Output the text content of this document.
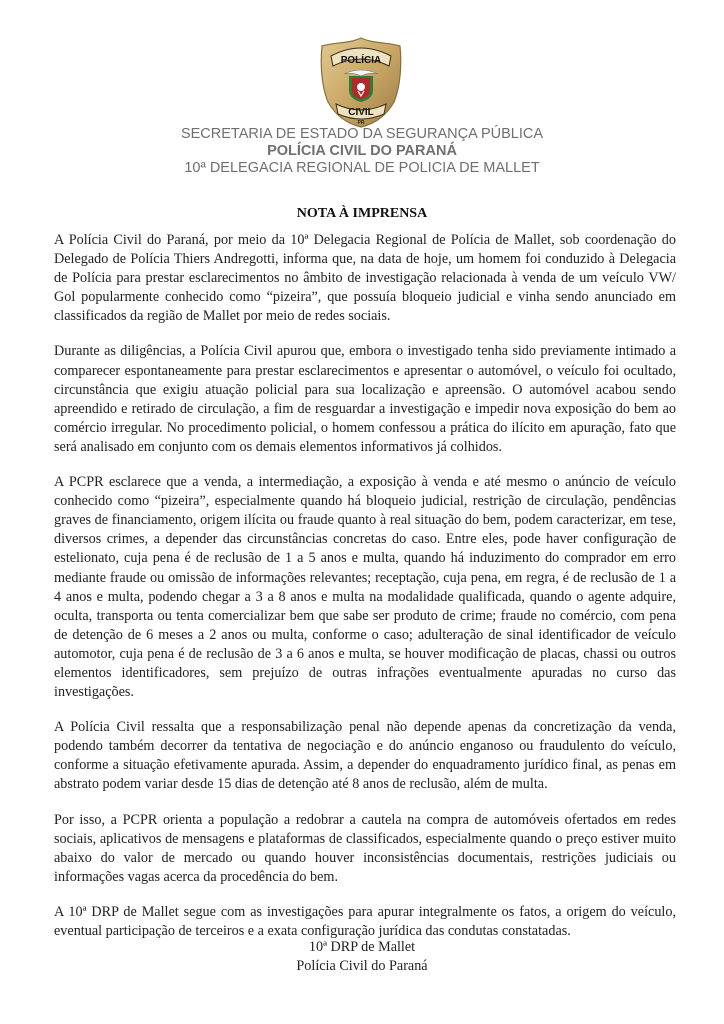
POLÍCIA
CIVIL
PR
SECRETARIA DE ESTADO DA SEGURANÇA PÚBLICA
POLÍCIA CIVIL DO PARANÁ
10ª DELEGACIA REGIONAL DE POLICIA DE MALLET
NOTA À IMPRENSA

A Polícia Civil do Paraná, por meio da 10ª Delegacia Regional de Polícia de Mallet, sob coordenação do Delegado de Polícia Thiers Andregotti, informa que, na data de hoje, um homem foi conduzido à Delegacia de Polícia para prestar esclarecimentos no âmbito de investigação relacionada à venda de um veículo VW/ Gol popularmente conhecido como “pizeira”, que possuía bloqueio judicial e vinha sendo anunciado em classificados da região de Mallet por meio de redes sociais.

Durante as diligências, a Polícia Civil apurou que, embora o investigado tenha sido previamente intimado a comparecer espontaneamente para prestar esclarecimentos e apresentar o automóvel, o veículo foi ocultado, circunstância que exigiu atuação policial para sua localização e apreensão. O automóvel acabou sendo apreendido e retirado de circulação, a fim de resguardar a investigação e impedir nova exposição do bem ao comércio irregular. No procedimento policial, o homem confessou a prática do ilícito em apuração, fato que será analisado em conjunto com os demais elementos informativos já colhidos.

A PCPR esclarece que a venda, a intermediação, a exposição à venda e até mesmo o anúncio de veículo conhecido como “pizeira”, especialmente quando há bloqueio judicial, restrição de circulação, pendências graves de financiamento, origem ilícita ou fraude quanto à real situação do bem, podem caracterizar, em tese, diversos crimes, a depender das circunstâncias concretas do caso. Entre eles, pode haver configuração de estelionato, cuja pena é de reclusão de 1 a 5 anos e multa, quando há induzimento do comprador em erro mediante fraude ou omissão de informações relevantes; receptação, cuja pena, em regra, é de reclusão de 1 a 4 anos e multa, podendo chegar a 3 a 8 anos e multa na modalidade qualificada, quando o agente adquire, oculta, transporta ou tenta comercializar bem que sabe ser produto de crime; fraude no comércio, com pena de detenção de 6 meses a 2 anos ou multa, conforme o caso; adulteração de sinal identificador de veículo automotor, cuja pena é de reclusão de 3 a 6 anos e multa, se houver modificação de placas, chassi ou outros elementos identificadores, sem prejuízo de outras infrações eventualmente apuradas no curso das investigações.

A Polícia Civil ressalta que a responsabilização penal não depende apenas da concretização da venda, podendo também decorrer da tentativa de negociação e do anúncio enganoso ou fraudulento do veículo, conforme a situação efetivamente apurada. Assim, a depender do enquadramento jurídico final, as penas em abstrato podem variar desde 15 dias de detenção até 8 anos de reclusão, além de multa.

Por isso, a PCPR orienta a população a redobrar a cautela na compra de automóveis ofertados em redes sociais, aplicativos de mensagens e plataformas de classificados, especialmente quando o preço estiver muito abaixo do valor de mercado ou quando houver inconsistências documentais, restrições judiciais ou informações vagas acerca da procedência do bem.

A 10ª DRP de Mallet segue com as investigações para apurar integralmente os fatos, a origem do veículo, eventual participação de terceiros e a exata configuração jurídica das condutas constatadas.

10ª DRP de Mallet
Polícia Civil do Paraná
